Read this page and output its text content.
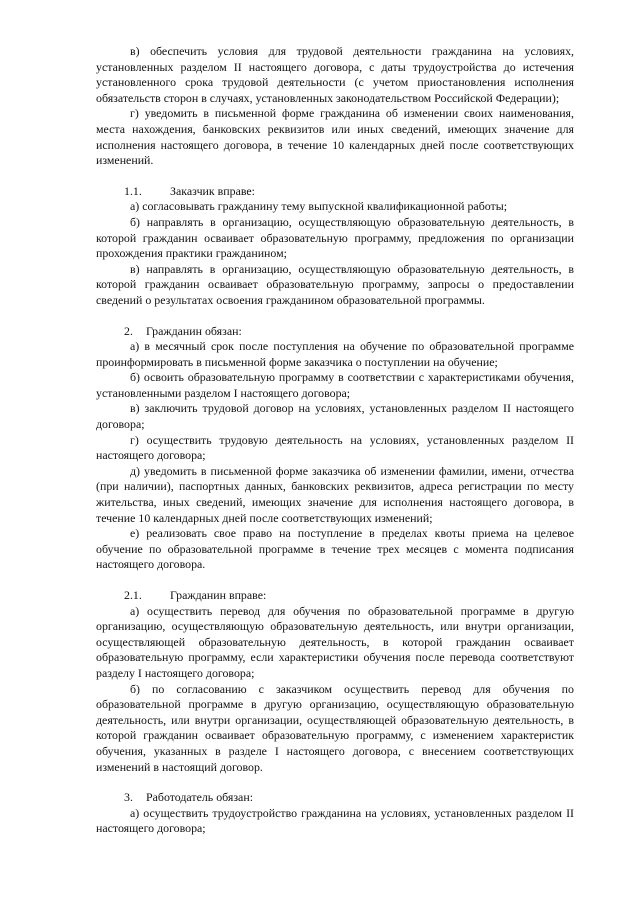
в) обеспечить условия для трудовой деятельности гражданина на условиях, установленных разделом II настоящего договора, с даты трудоустройства до истечения установленного срока трудовой деятельности (с учетом приостановления исполнения обязательств сторон в случаях, установленных законодательством Российской Федерации);

г) уведомить в письменной форме гражданина об изменении своих наименования, места нахождения, банковских реквизитов или иных сведений, имеющих значение для исполнения настоящего договора, в течение 10 календарных дней после соответствующих изменений.

1.1. Заказчик вправе:

а) согласовывать гражданину тему выпускной квалификационной работы;

б) направлять в организацию, осуществляющую образовательную деятельность, в которой гражданин осваивает образовательную программу, предложения по организации прохождения практики гражданином;

в) направлять в организацию, осуществляющую образовательную деятельность, в которой гражданин осваивает образовательную программу, запросы о предоставлении сведений о результатах освоения гражданином образовательной программы.

2. Гражданин обязан:

а) в месячный срок после поступления на обучение по образовательной программе проинформировать в письменной форме заказчика о поступлении на обучение;

б) освоить образовательную программу в соответствии с характеристиками обучения, установленными разделом I настоящего договора;

в) заключить трудовой договор на условиях, установленных разделом II настоящего договора;

г) осуществить трудовую деятельность на условиях, установленных разделом II настоящего договора;

д) уведомить в письменной форме заказчика об изменении фамилии, имени, отчества (при наличии), паспортных данных, банковских реквизитов, адреса регистрации по месту жительства, иных сведений, имеющих значение для исполнения настоящего договора, в течение 10 календарных дней после соответствующих изменений;

е) реализовать свое право на поступление в пределах квоты приема на целевое обучение по образовательной программе в течение трех месяцев с момента подписания настоящего договора.

2.1. Гражданин вправе:

а) осуществить перевод для обучения по образовательной программе в другую организацию, осуществляющую образовательную деятельность, или внутри организации, осуществляющей образовательную деятельность, в которой гражданин осваивает образовательную программу, если характеристики обучения после перевода соответствуют разделу I настоящего договора;

б) по согласованию с заказчиком осуществить перевод для обучения по образовательной программе в другую организацию, осуществляющую образовательную деятельность, или внутри организации, осуществляющей образовательную деятельность, в которой гражданин осваивает образовательную программу, с изменением характеристик обучения, указанных в разделе I настоящего договора, с внесением соответствующих изменений в настоящий договор.

3. Работодатель обязан:

а) осуществить трудоустройство гражданина на условиях, установленных разделом II настоящего договора;
